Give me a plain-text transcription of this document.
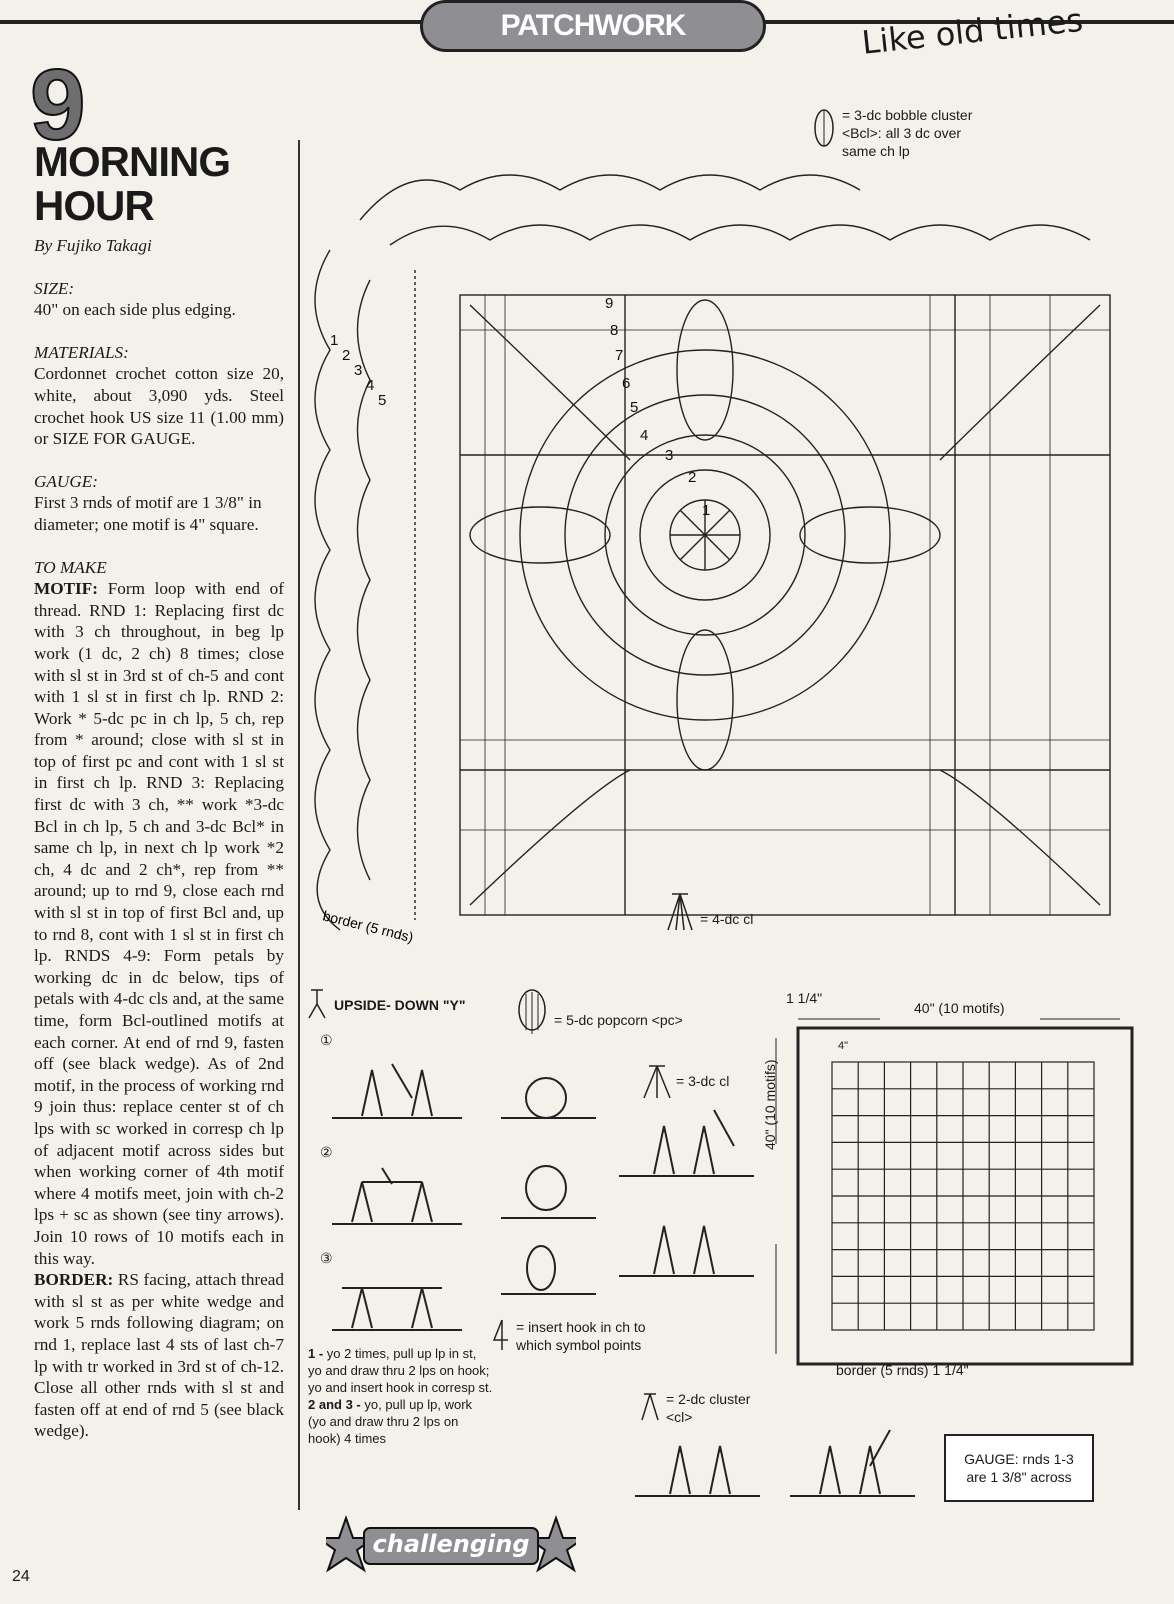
PATCHWORK	Like old times
9
MORNING
HOUR

By Fujiko Takagi

SIZE:

40" on each side plus edging.

MATERIALS:

Cordonnet crochet cotton size 20, white, about 3,090 yds. Steel crochet hook US size 11 (1.00 mm) or SIZE FOR GAUGE.

GAUGE:

First 3 rnds of motif are 1 3/8" in diameter; one motif is 4" square.

TO MAKE

MOTIF: Form loop with end of thread. RND 1: Replacing first dc with 3 ch throughout, in beg lp work (1 dc, 2 ch) 8 times; close with sl st in 3rd st of ch-5 and cont with 1 sl st in first ch lp. RND 2: Work * 5-dc pc in ch lp, 5 ch, rep from * around; close with sl st in top of first pc and cont with 1 sl st in first ch lp. RND 3: Replacing first dc with 3 ch, ** work *3-dc Bcl in ch lp, 5 ch and 3-dc Bcl* in same ch lp, in next ch lp work *2 ch, 4 dc and 2 ch*, rep from ** around; up to rnd 9, close each rnd with sl st in top of first Bcl and, up to rnd 8, cont with 1 sl st in first ch lp. RNDS 4-9: Form petals by working dc in dc below, tips of petals with 4-dc cls and, at the same time, form Bcl-outlined motifs at each corner. At end of rnd 9, fasten off (see black wedge). As of 2nd motif, in the process of working rnd 9 join thus: replace center st of ch lps with sc worked in corresp ch lp of adjacent motif across sides but when working corner of 4th motif where 4 motifs meet, join with ch-2 lps + sc as shown (see tiny arrows). Join 10 rows of 10 motifs each in this way.

BORDER: RS facing, attach thread with sl st as per white wedge and work 5 rnds following diagram; on rnd 1, replace last 4 sts of last ch-7 lp with tr worked in 3rd st of ch-12. Close all other rnds with sl st and fasten off at end of rnd 5 (see black wedge).

1
2
3
4
5
6
7
8
9
1
2
3
4
5
border (5 rnds)
= 3-dc bobble cluster <Bcl>: all 3 dc over same ch lp
= 4-dc cl
UPSIDE- DOWN "Y"
= 5-dc popcorn <pc>
①
②
③
= 3-dc cl
= insert hook in ch to which symbol points
= 2-dc cluster <cl>
1 - yo 2 times, pull up lp in st, yo and draw thru 2 lps on hook; yo and insert hook in corresp st.
2 and 3 - yo, pull up lp, work (yo and draw thru 2 lps on hook) 4 times
1 1/4"
40" (10 motifs)
40" (10 motifs)
4"
border (5 rnds) 1 1/4"
GAUGE: rnds 1-3
are 1 3/8" across
challenging
24
